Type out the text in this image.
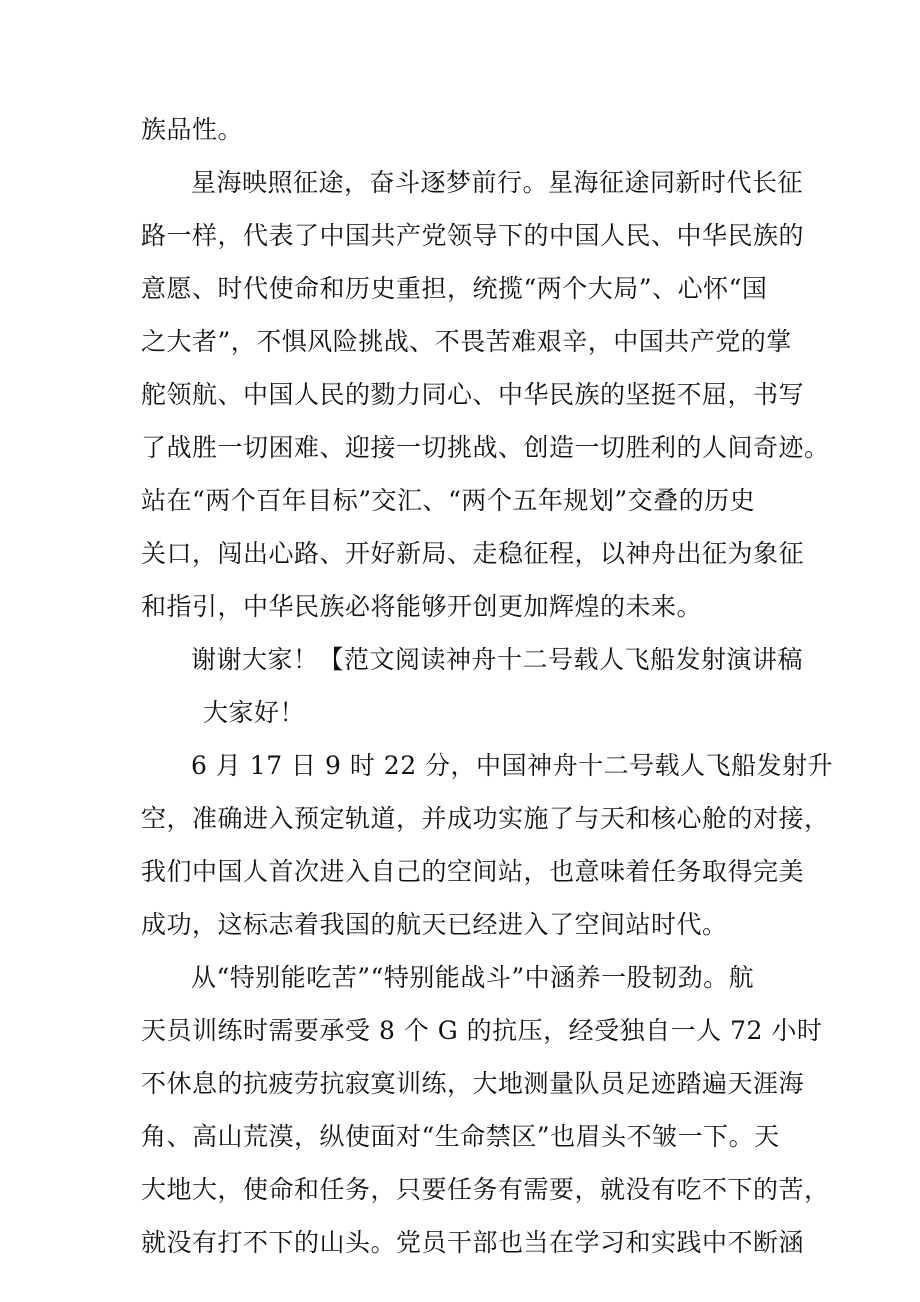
族品性。
星海映照征途，奋斗逐梦前行。星海征途同新时代长征
路一样，代表了中国共产党领导下的中国人民、中华民族的
意愿、时代使命和历史重担，统揽“两个大局”、心怀“国
之大者”，不惧风险挑战、不畏苦难艰辛，中国共产党的掌
舵领航、中国人民的勠力同心、中华民族的坚挺不屈，书写
了战胜一切困难、迎接一切挑战、创造一切胜利的人间奇迹。
站在“两个百年目标”交汇、“两个五年规划”交叠的历史
关口，闯出心路、开好新局、走稳征程，以神舟出征为象征
和指引，中华民族必将能够开创更加辉煌的未来。
谢谢大家！【范文阅读神舟十二号载人飞船发射演讲稿
大家好！
6 月 17 日 9 时 22 分，中国神舟十二号载人飞船发射升
空，准确进入预定轨道，并成功实施了与天和核心舱的对接，
我们中国人首次进入自己的空间站，也意味着任务取得完美
成功，这标志着我国的航天已经进入了空间站时代。
从“特别能吃苦”“特别能战斗”中涵养一股韧劲。航
天员训练时需要承受 8 个 G 的抗压，经受独自一人 72 小时
不休息的抗疲劳抗寂寞训练，大地测量队员足迹踏遍天涯海
角、高山荒漠，纵使面对“生命禁区”也眉头不皱一下。天
大地大，使命和任务，只要任务有需要，就没有吃不下的苦，
就没有打不下的山头。党员干部也当在学习和实践中不断涵
